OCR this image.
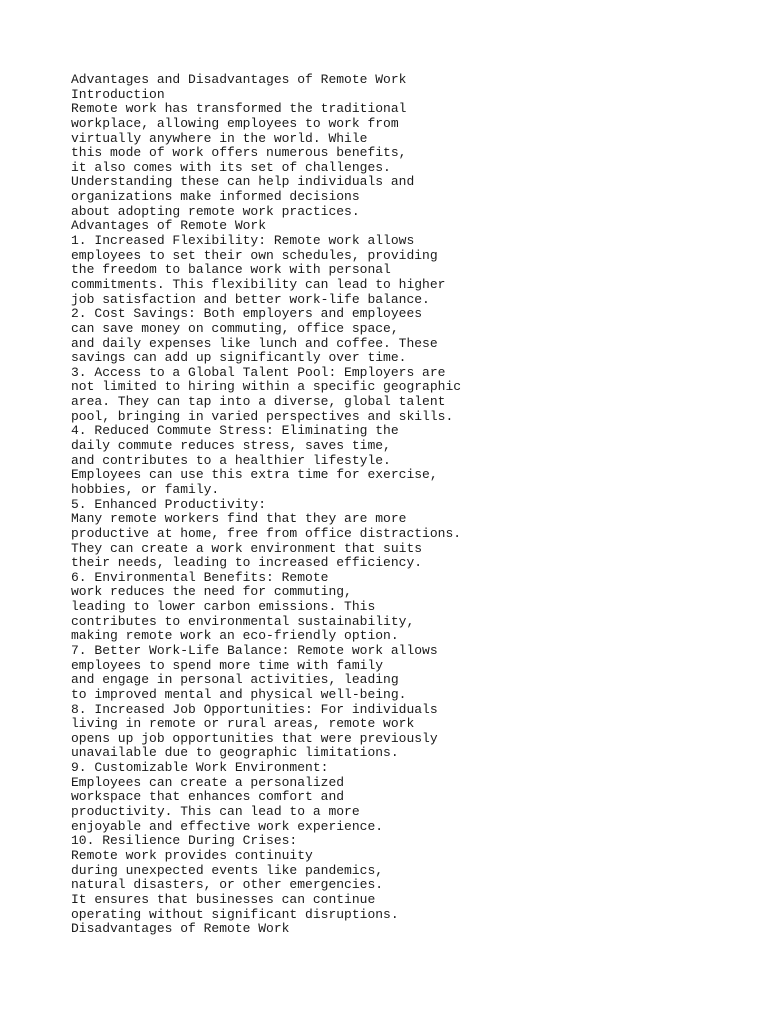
Advantages and Disadvantages of Remote Work
Introduction
Remote work has transformed the traditional
workplace, allowing employees to work from
virtually anywhere in the world. While
this mode of work offers numerous benefits,
it also comes with its set of challenges.
Understanding these can help individuals and
organizations make informed decisions
about adopting remote work practices.
Advantages of Remote Work
1. Increased Flexibility: Remote work allows
employees to set their own schedules, providing
the freedom to balance work with personal
commitments. This flexibility can lead to higher
job satisfaction and better work-life balance.
2. Cost Savings: Both employers and employees
can save money on commuting, office space,
and daily expenses like lunch and coffee. These
savings can add up significantly over time.
3. Access to a Global Talent Pool: Employers are
not limited to hiring within a specific geographic
area. They can tap into a diverse, global talent
pool, bringing in varied perspectives and skills.
4. Reduced Commute Stress: Eliminating the
daily commute reduces stress, saves time,
and contributes to a healthier lifestyle.
Employees can use this extra time for exercise,
hobbies, or family.
5. Enhanced Productivity:
Many remote workers find that they are more
productive at home, free from office distractions.
They can create a work environment that suits
their needs, leading to increased efficiency.
6. Environmental Benefits: Remote
work reduces the need for commuting,
leading to lower carbon emissions. This
contributes to environmental sustainability,
making remote work an eco-friendly option.
7. Better Work-Life Balance: Remote work allows
employees to spend more time with family
and engage in personal activities, leading
to improved mental and physical well-being.
8. Increased Job Opportunities: For individuals
living in remote or rural areas, remote work
opens up job opportunities that were previously
unavailable due to geographic limitations.
9. Customizable Work Environment:
Employees can create a personalized
workspace that enhances comfort and
productivity. This can lead to a more
enjoyable and effective work experience.
10. Resilience During Crises:
Remote work provides continuity
during unexpected events like pandemics,
natural disasters, or other emergencies.
It ensures that businesses can continue
operating without significant disruptions.
Disadvantages of Remote Work
